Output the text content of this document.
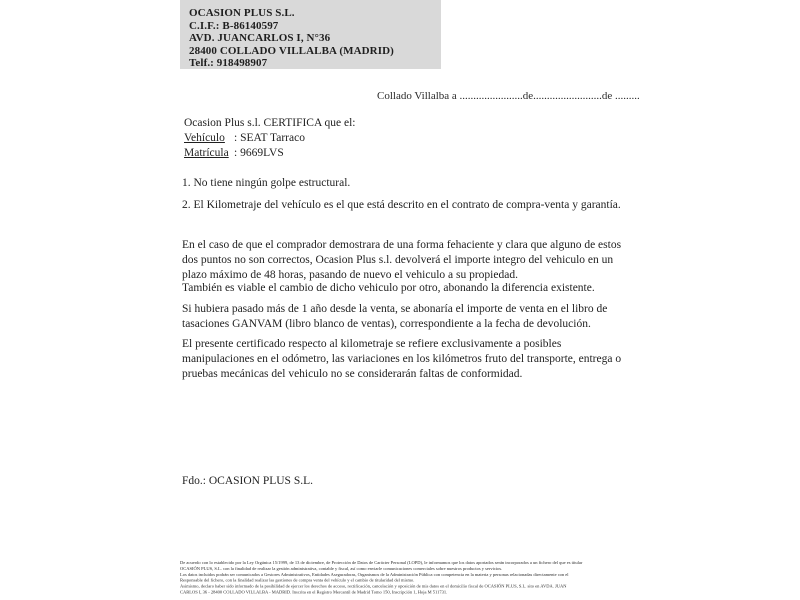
OCASION PLUS S.L.
C.I.F.: B-86140597
AVD. JUANCARLOS I, N°36
28400 COLLADO VILLALBA (MADRID)
Telf.: 918498907
Collado Villalba a .......................de.........................de .........
Ocasion Plus s.l. CERTIFICA que el:
Vehículo : SEAT Tarraco
Matrícula : 9669LVS
1. No tiene ningún golpe estructural.
2. El Kilometraje del vehículo es el que está descrito en el contrato de compra-venta y garantía.
En el caso de que el comprador demostrara de una forma fehaciente y clara que alguno de estos dos puntos no son correctos, Ocasion Plus s.l. devolverá el importe integro del vehiculo en un plazo máximo de 48 horas, pasando de nuevo el vehiculo a su propiedad.
También es viable el cambio de dicho vehiculo por otro, abonando la diferencia existente.
Si hubiera pasado más de 1 año desde la venta, se abonaría el importe de venta en el libro de tasaciones GANVAM (libro blanco de ventas), correspondiente a la fecha de devolución.
El presente certificado respecto al kilometraje se refiere exclusivamente a posibles manipulaciones en el odómetro, las variaciones en los kilómetros fruto del transporte, entrega o pruebas mecánicas del vehiculo no se considerarán faltas de conformidad.
Fdo.: OCASION PLUS S.L.
De acuerdo con lo establecido por la Ley Orgánica 15/1999, de 13 de diciembre, de Protección de Datos de Carácter Personal (LOPD), le informamos que los datos aportados serán incorporados a un fichero del que es titular
OCASIÓN PLUS, S.L. con la finalidad de realizar la gestión administrativa, contable y fiscal, así como enviarle comunicaciones comerciales sobre nuestros productos y servicios.
Los datos incluidos podrán ser comunicados a Gestores Administrativos, Entidades Aseguradoras, Organismos de la Administración Pública con competencia en la materia y personas relacionadas directamente con el
Responsable del fichero, con la finalidad realizar las gestiones de compra venta del vehículo y el cambio de titularidad del mismo.
Asimismo, declaro haber sido informado de la posibilidad de ejercer los derechos de acceso, rectificación, cancelación y oposición de mis datos en el domicilio fiscal de OCASIÓN PLUS, S.L. sito en AVDA. JUAN
CARLOS I, 36 - 28400 COLLADO VILLALBA - MADRID. Inscrita en el Registro Mercantil de Madrid Tomo 150, Inscripción 1, Hoja M 511731.
